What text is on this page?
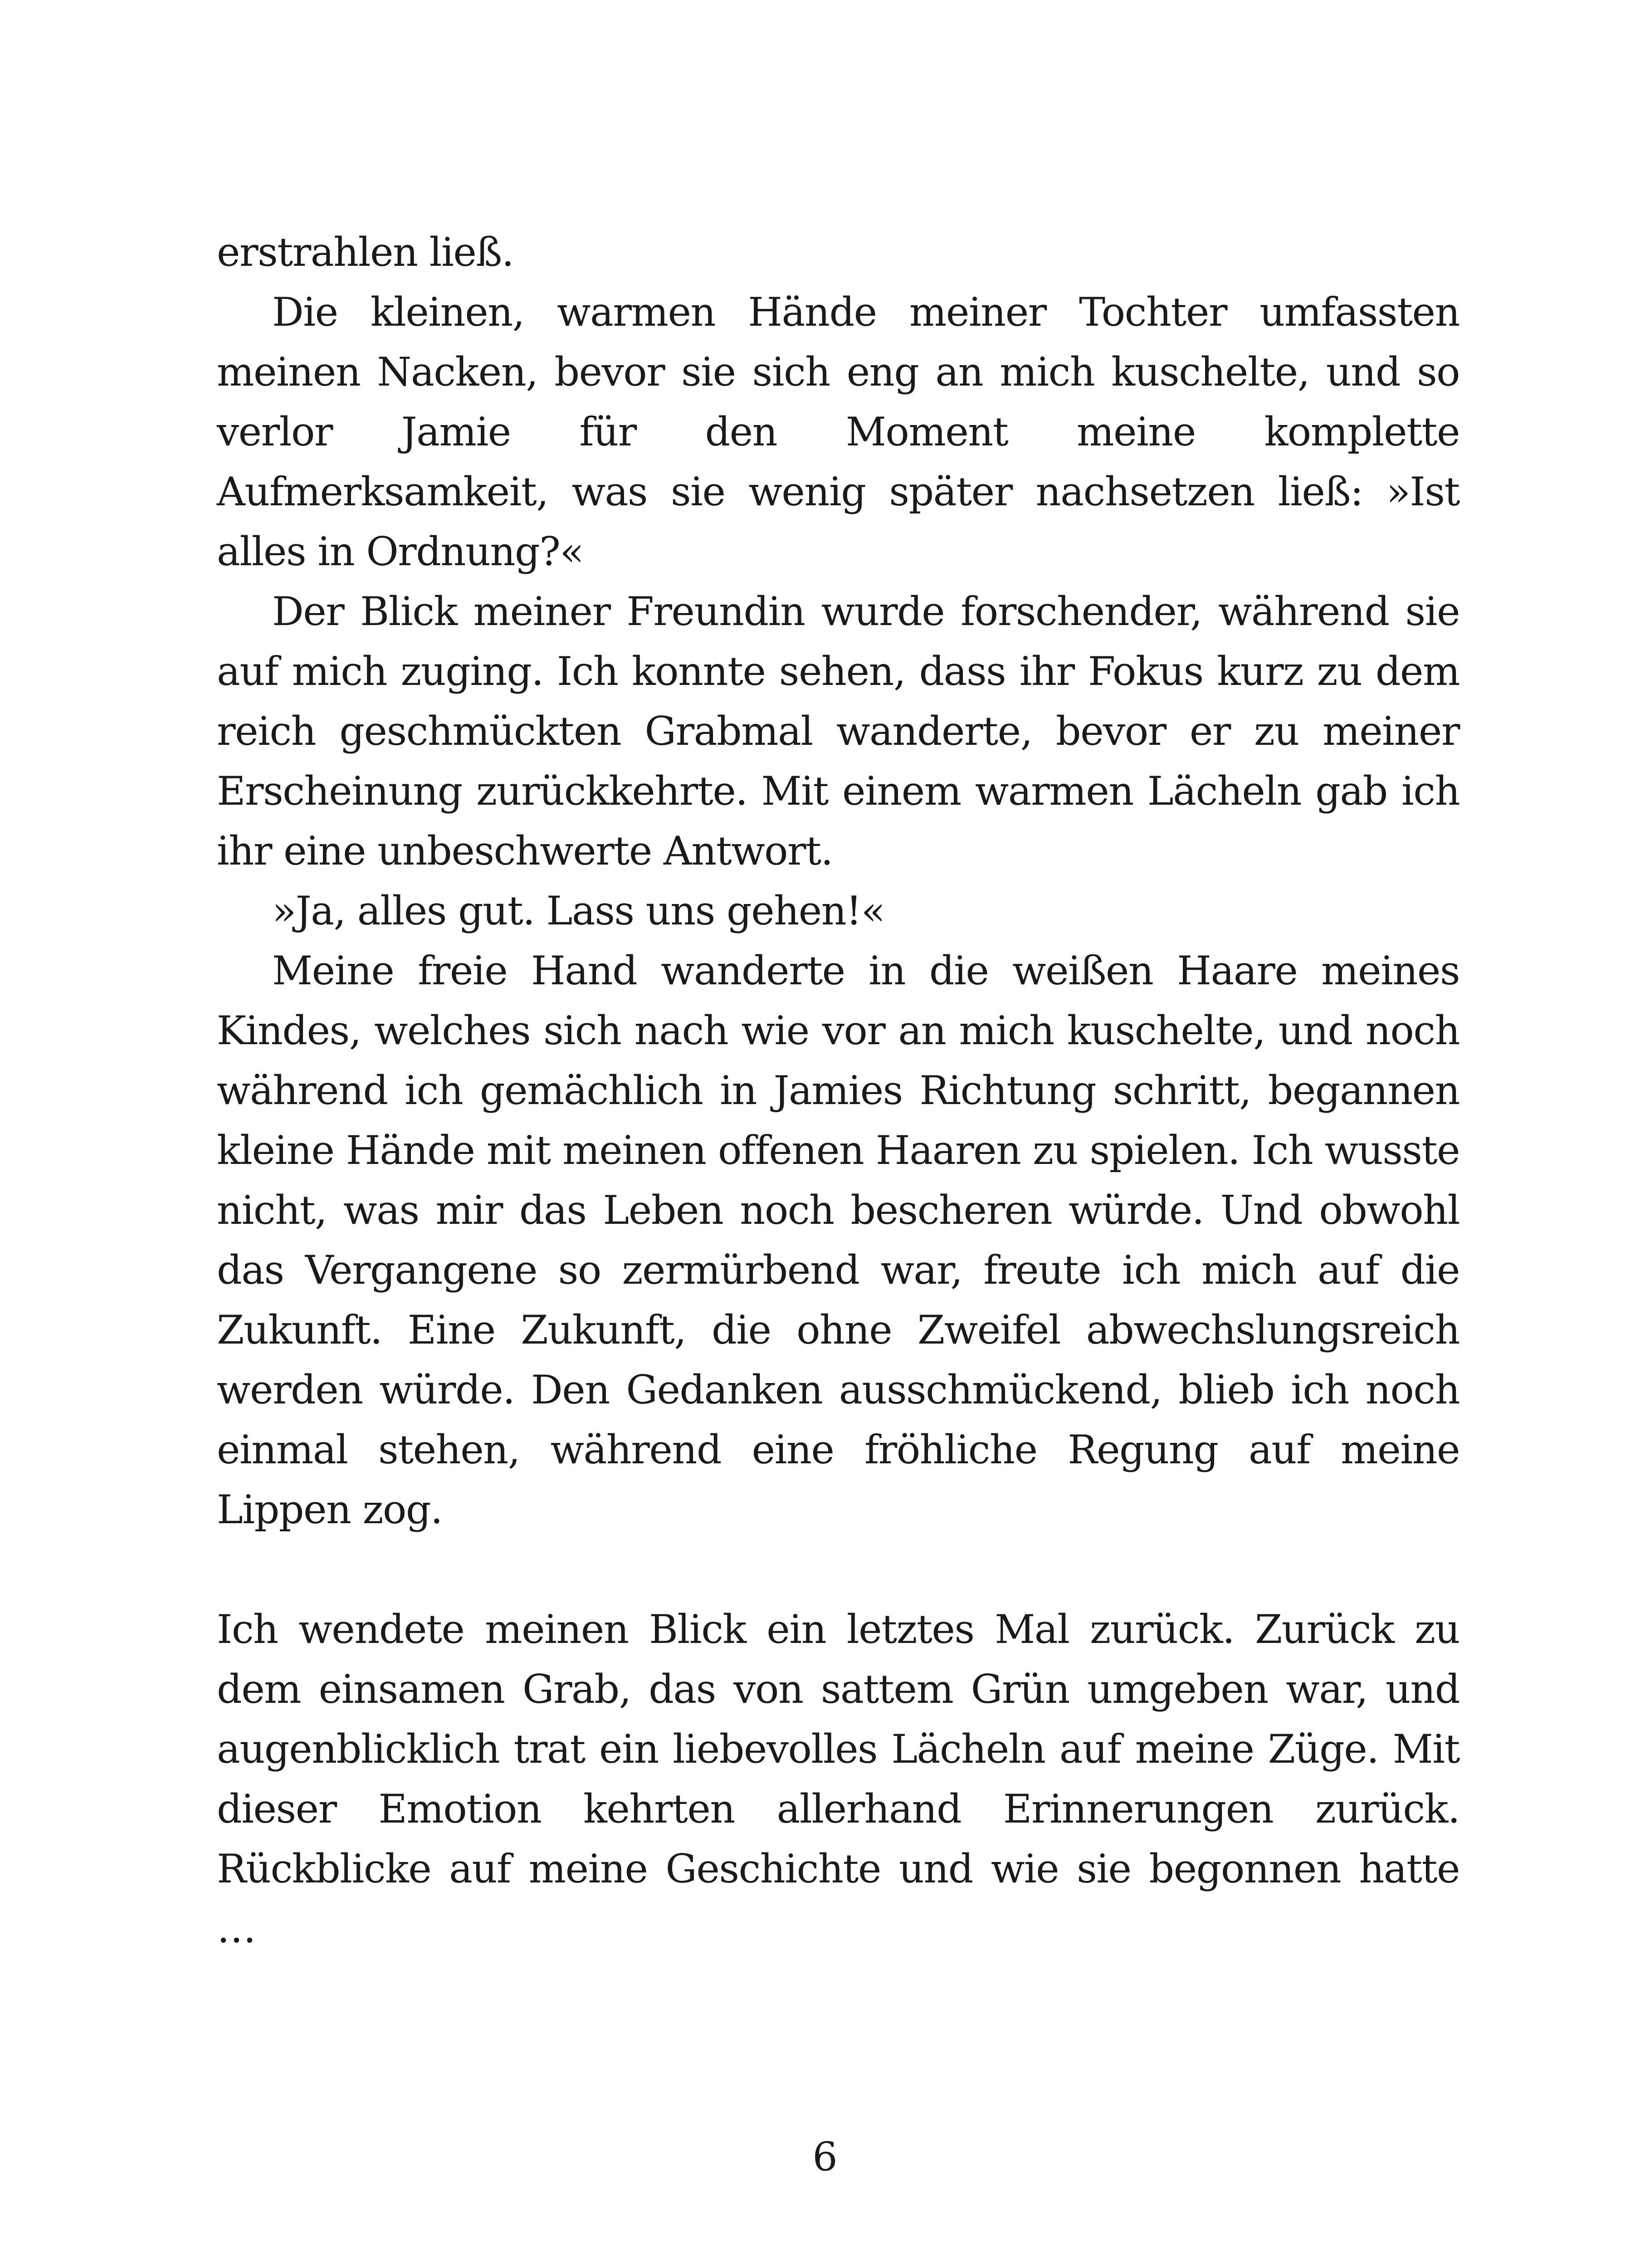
erstrahlen ließ.

Die kleinen, warmen Hände meiner Tochter umfassten meinen Nacken, bevor sie sich eng an mich kuschelte, und so verlor Jamie für den Moment meine komplette Aufmerksamkeit, was sie wenig später nachsetzen ließ: »Ist alles in Ordnung?«

Der Blick meiner Freundin wurde forschender, während sie auf mich zuging. Ich konnte sehen, dass ihr Fokus kurz zu dem reich geschmückten Grabmal wanderte, bevor er zu meiner Erscheinung zurückkehrte. Mit einem warmen Lächeln gab ich ihr eine unbeschwerte Antwort.

»Ja, alles gut. Lass uns gehen!«

Meine freie Hand wanderte in die weißen Haare meines Kindes, welches sich nach wie vor an mich kuschelte, und noch während ich gemächlich in Jamies Richtung schritt, begannen kleine Hände mit meinen offenen Haaren zu spielen. Ich wusste nicht, was mir das Leben noch bescheren würde. Und obwohl das Vergangene so zermürbend war, freute ich mich auf die Zukunft. Eine Zukunft, die ohne Zweifel abwechslungsreich werden würde. Den Gedanken ausschmückend, blieb ich noch einmal stehen, während eine fröhliche Regung auf meine Lippen zog.

Ich wendete meinen Blick ein letztes Mal zurück. Zurück zu dem einsamen Grab, das von sattem Grün umgeben war, und augenblicklich trat ein liebevolles Lächeln auf meine Züge. Mit dieser Emotion kehrten allerhand Erinnerungen zurück. Rückblicke auf meine Geschichte und wie sie begonnen hatte …

6
